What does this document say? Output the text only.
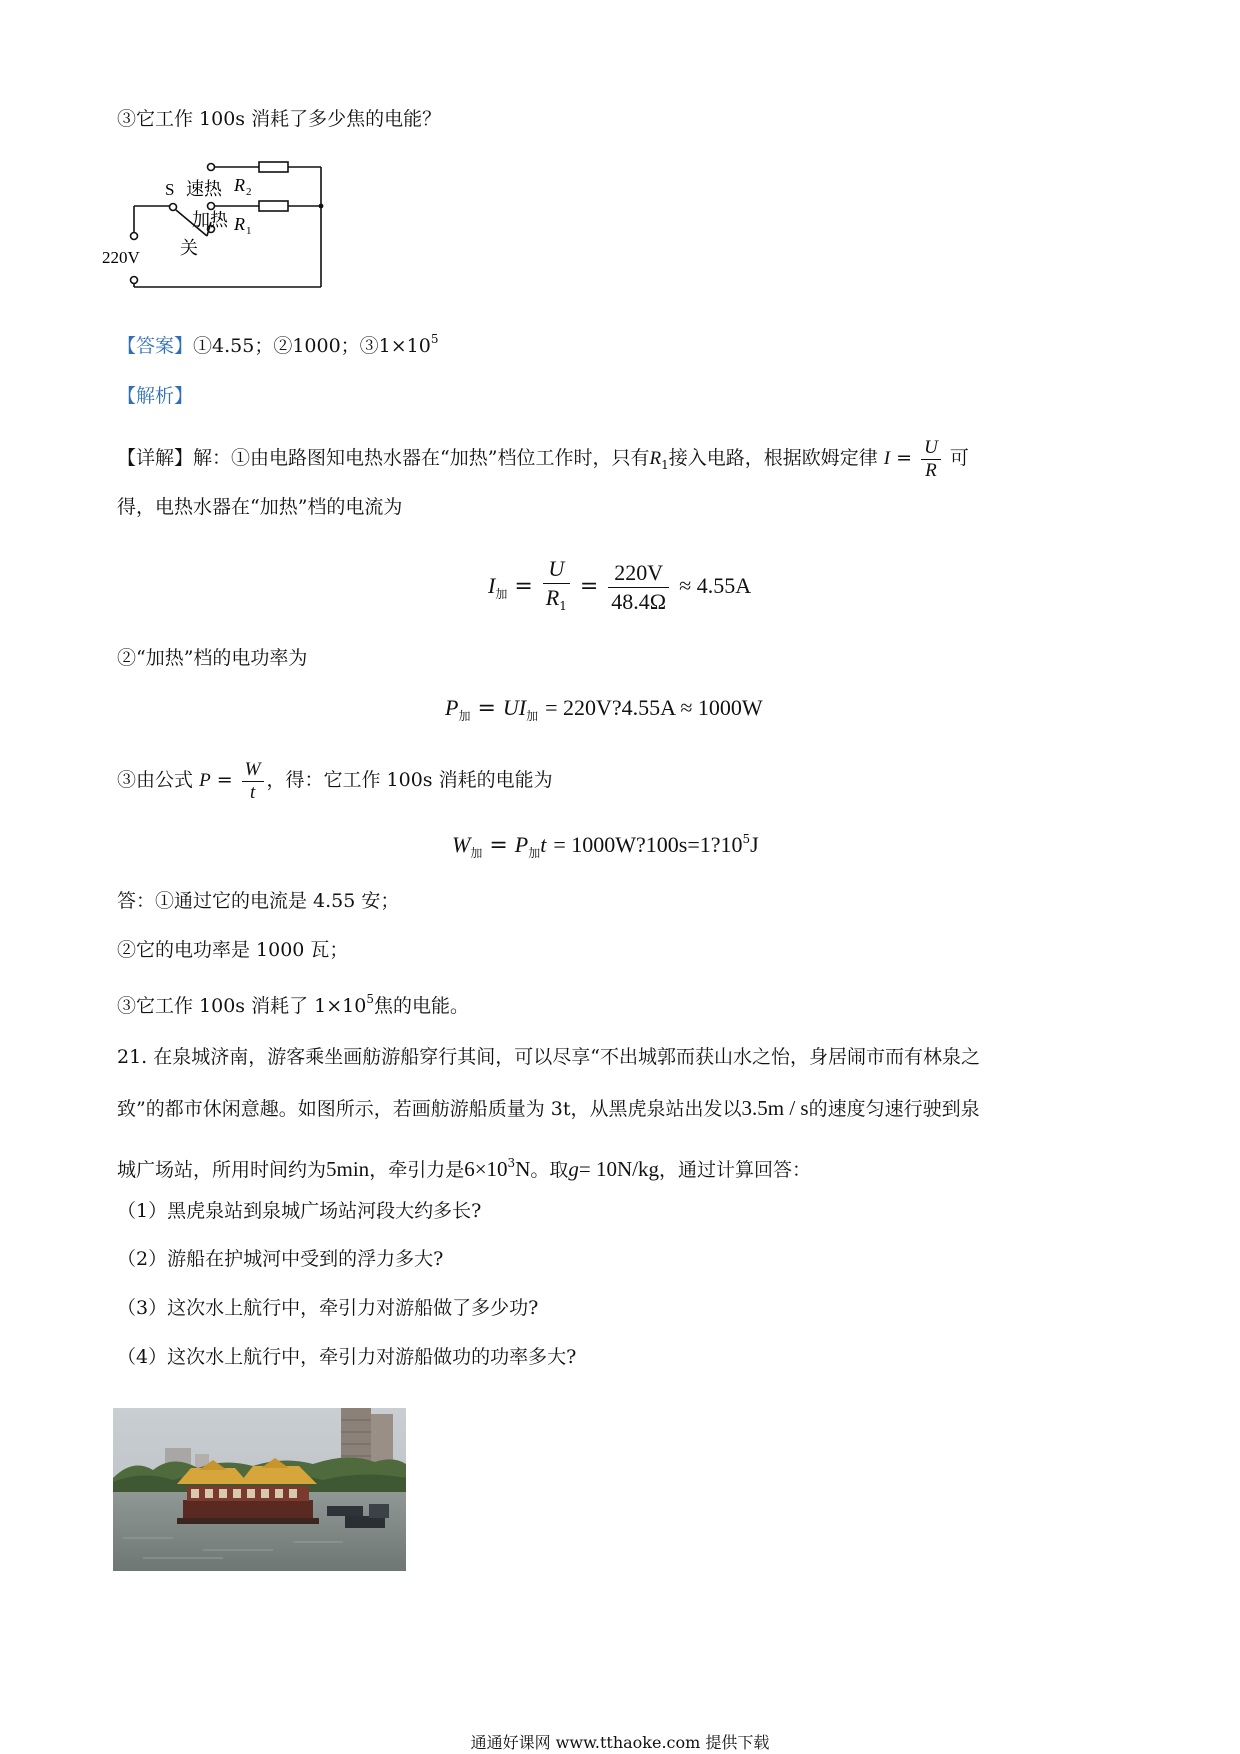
③它工作 100s 消耗了多少焦的电能？
S 速热
加热
关
220V
R 2
R 1
【答案】①4.55；②1000；$③1\times 10^5$
【解析】
【详解】解：①由电路图知电热水器在“加热”档位工作时，只有$R_1$接入电路，根据欧姆定律 $I = \frac{U}{R}$ 可
得，电热水器在“加热”档的电流为
$I_加 = \frac{U}{R_1} = \frac{220V}{48.4\Omega} \approx 4.55A$
②“加热”档的电功率为
$P_加 = UI_加$ = 220V?4.55A ≈ 1000W
③由公式 $P = \frac{W}{t}$ ，得：它工作 100s 消耗的电能为
$W_加 = P_加t$ = $1000W?100s=1?10^5J$
答：①通过它的电流是 4.55 安；
②它的电功率是 1000 瓦；
③它工作 100s 消耗了 $1\times 10^5$焦的电能。
21. 在泉城济南，游客乘坐画舫游船穿行其间，可以尽享“不出城郭而获山水之怡，身居闹市而有林泉之
致”的都市休闲意趣。如图所示，若画舫游船质量为 3t，从黑虎泉站出发以3.5m / s的速度匀速行驶到泉
城广场站，所用时间约为5min，牵引力是$6\times 10^3N$。取g= 10N/kg，通过计算回答：
（1）黑虎泉站到泉城广场站河段大约多长?
（2）游船在护城河中受到的浮力多大?
（3）这次水上航行中，牵引力对游船做了多少功?
（4）这次水上航行中，牵引力对游船做功的功率多大?
通通好课网 www.tthaoke.com 提供下载
